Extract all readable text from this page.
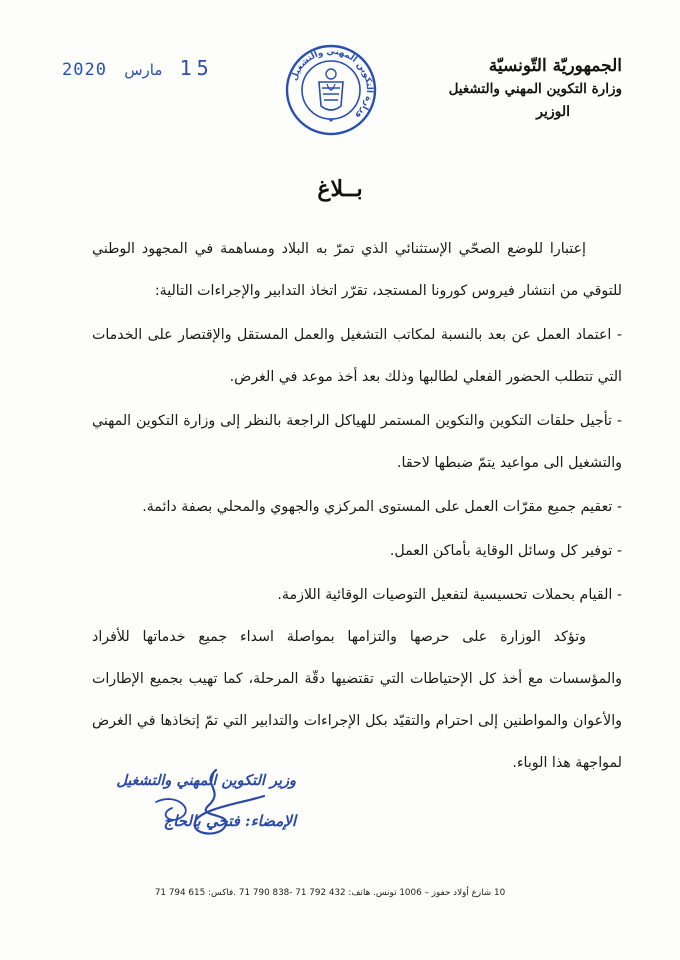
2020 مارس 15	وزارة التكوين المهني والتشغيل
الجمهوريّة التّونسيّة
وزارة التكوين المهني والتشغيل
الوزير
بــلاغ

إعتبارا للوضع الصحّي الإستثنائي الذي تمرّ به البلاد ومساهمة في المجهود الوطني للتوقي من انتشار فيروس كورونا المستجد، تقرّر اتخاذ التدابير والإجراءات التالية:

- اعتماد العمل عن بعد بالنسبة لمكاتب التشغيل والعمل المستقل والإقتصار على الخدمات التي تتطلب الحضور الفعلي لطالبها وذلك بعد أخذ موعد في الغرض.

- تأجيل حلقات التكوين والتكوين المستمر للهياكل الراجعة بالنظر إلى وزارة التكوين المهني والتشغيل الى مواعيد يتمّ ضبطها لاحقا.

- تعقيم جميع مقرّات العمل على المستوى المركزي والجهوي والمحلي بصفة دائمة.

- توفير كل وسائل الوقاية بأماكن العمل.

- القيام بحملات تحسيسية لتفعيل التوصيات الوقائية اللازمة.

وتؤكد الوزارة على حرصها والتزامها بمواصلة اسداء جميع خدماتها للأفراد والمؤسسات مع أخذ كل الإحتياطات التي تقتضيها دقّة المرحلة، كما تهيب بجميع الإطارات والأعوان والمواطنين إلى احترام والتقيّد بكل الإجراءات والتدابير التي تمّ إتخاذها في الغرض لمواجهة هذا الوباء.

وزير التكوين المهني والتشغيل
الإمضاء: فتحي بالحاج
10 شارع أولاد حفوز – 1006 تونس. هاتف: 432 792 71 -838 790 71 .فاكس: 615 794 71
